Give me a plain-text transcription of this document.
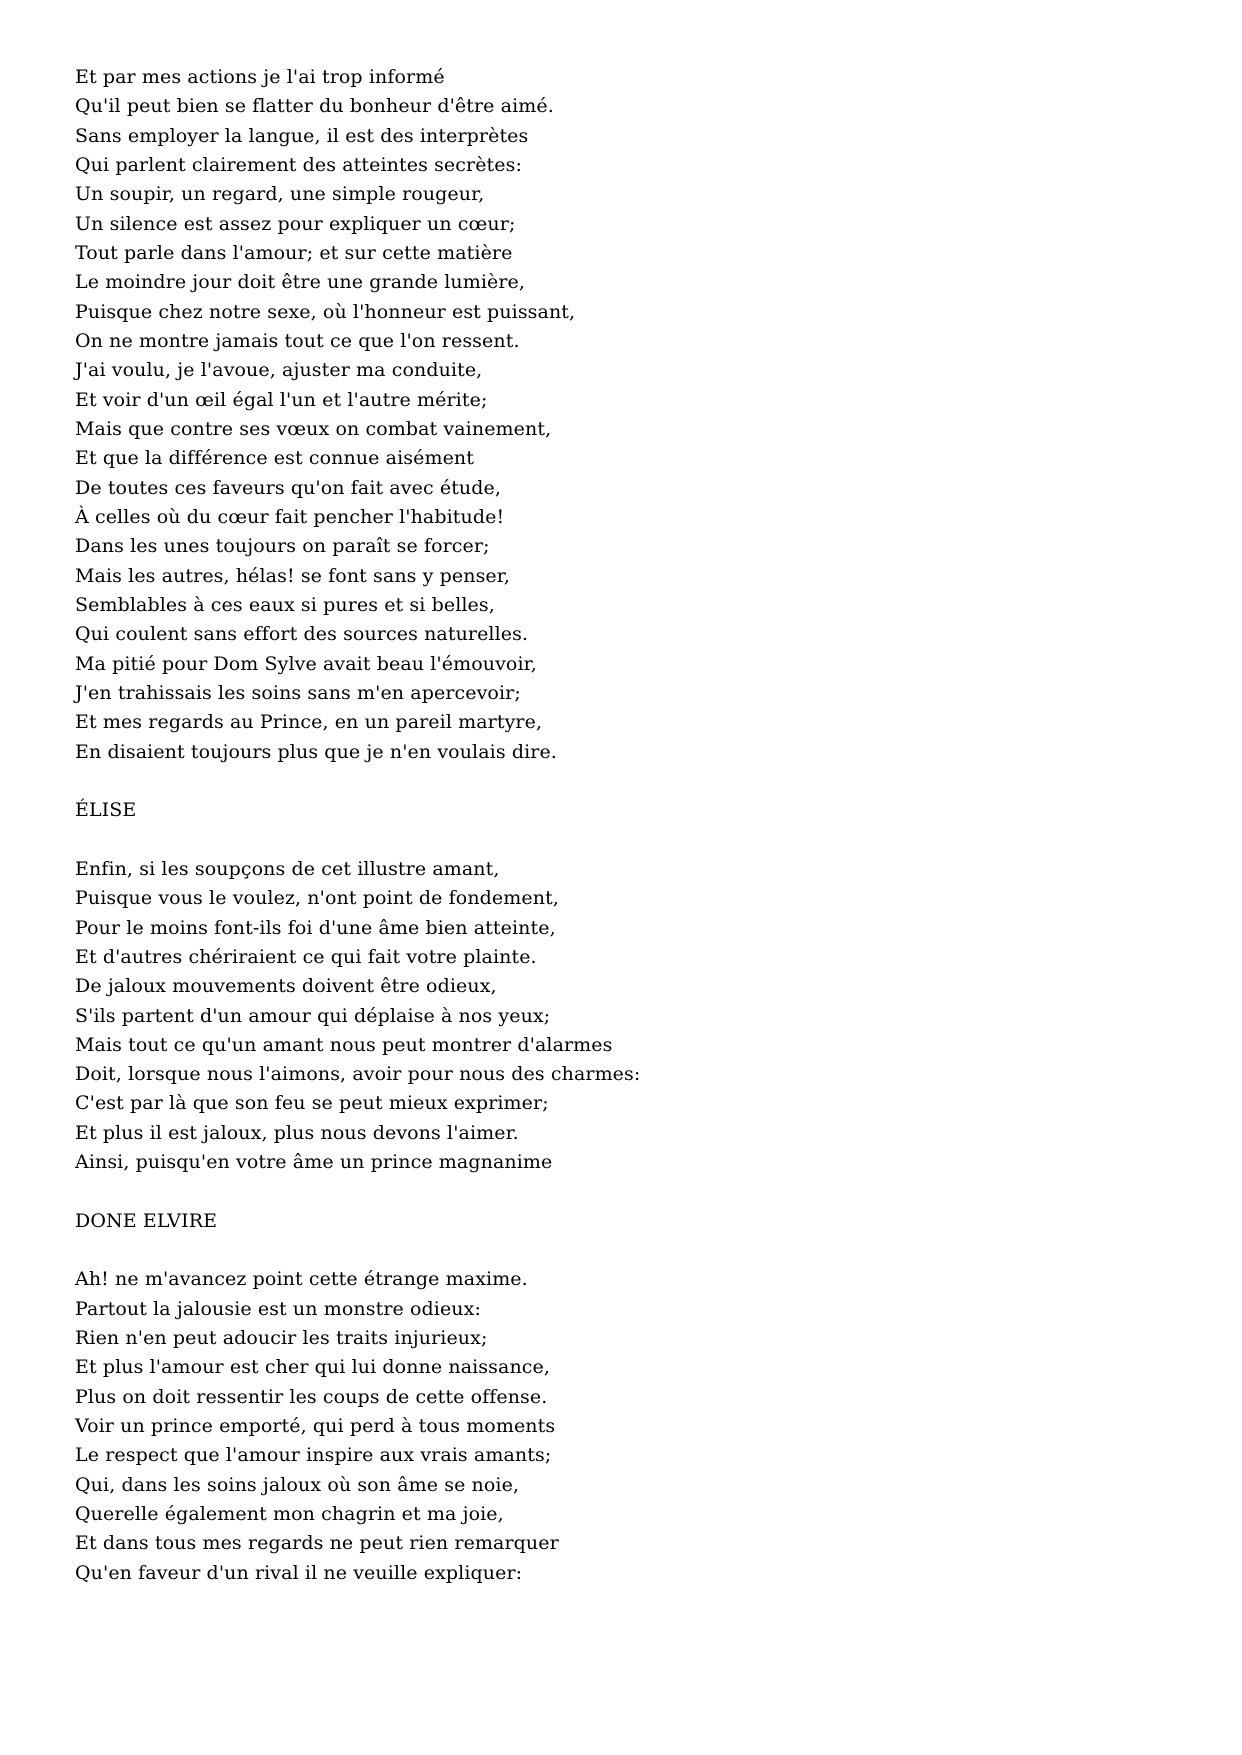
Et par mes actions je l'ai trop informé
Qu'il peut bien se flatter du bonheur d'être aimé.
Sans employer la langue, il est des interprètes
Qui parlent clairement des atteintes secrètes:
Un soupir, un regard, une simple rougeur,
Un silence est assez pour expliquer un cœur;
Tout parle dans l'amour; et sur cette matière
Le moindre jour doit être une grande lumière,
Puisque chez notre sexe, où l'honneur est puissant,
On ne montre jamais tout ce que l'on ressent.
J'ai voulu, je l'avoue, ajuster ma conduite,
Et voir d'un œil égal l'un et l'autre mérite;
Mais que contre ses vœux on combat vainement,
Et que la différence est connue aisément
De toutes ces faveurs qu'on fait avec étude,
À celles où du cœur fait pencher l'habitude!
Dans les unes toujours on paraît se forcer;
Mais les autres, hélas! se font sans y penser,
Semblables à ces eaux si pures et si belles,
Qui coulent sans effort des sources naturelles.
Ma pitié pour Dom Sylve avait beau l'émouvoir,
J'en trahissais les soins sans m'en apercevoir;
Et mes regards au Prince, en un pareil martyre,
En disaient toujours plus que je n'en voulais dire.

ÉLISE

Enfin, si les soupçons de cet illustre amant,
Puisque vous le voulez, n'ont point de fondement,
Pour le moins font-ils foi d'une âme bien atteinte,
Et d'autres chériraient ce qui fait votre plainte.
De jaloux mouvements doivent être odieux,
S'ils partent d'un amour qui déplaise à nos yeux;
Mais tout ce qu'un amant nous peut montrer d'alarmes
Doit, lorsque nous l'aimons, avoir pour nous des charmes:
C'est par là que son feu se peut mieux exprimer;
Et plus il est jaloux, plus nous devons l'aimer.
Ainsi, puisqu'en votre âme un prince magnanime

DONE ELVIRE

Ah! ne m'avancez point cette étrange maxime.
Partout la jalousie est un monstre odieux:
Rien n'en peut adoucir les traits injurieux;
Et plus l'amour est cher qui lui donne naissance,
Plus on doit ressentir les coups de cette offense.
Voir un prince emporté, qui perd à tous moments
Le respect que l'amour inspire aux vrais amants;
Qui, dans les soins jaloux où son âme se noie,
Querelle également mon chagrin et ma joie,
Et dans tous mes regards ne peut rien remarquer
Qu'en faveur d'un rival il ne veuille expliquer:
